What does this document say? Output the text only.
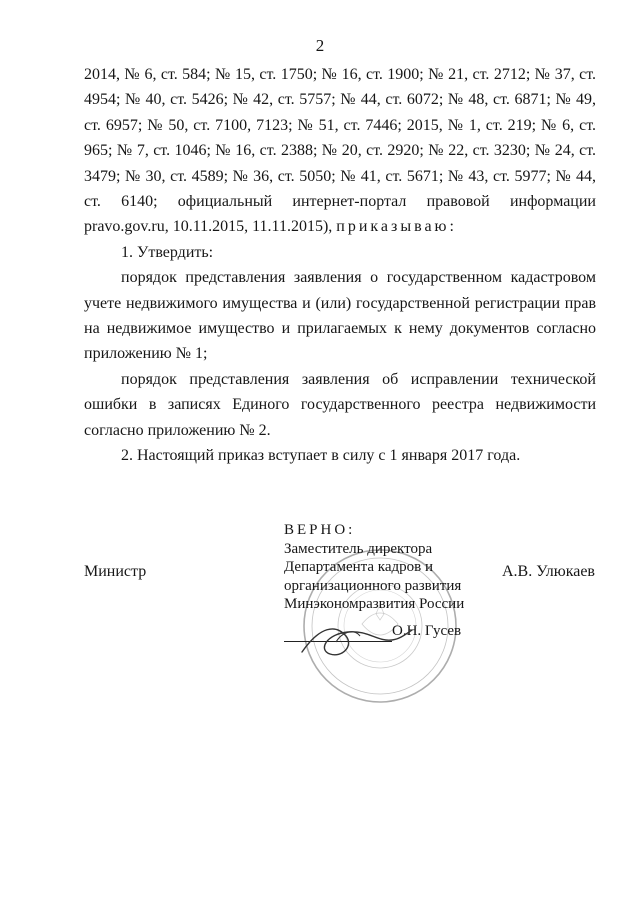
2

2014, № 6, ст. 584; № 15, ст. 1750; № 16, ст. 1900; № 21, ст. 2712; № 37, ст. 4954; № 40, ст. 5426; № 42, ст. 5757; № 44, ст. 6072; № 48, ст. 6871; № 49, ст. 6957; № 50, ст. 7100, 7123; № 51, ст. 7446; 2015, № 1, ст. 219; № 6, ст. 965; № 7, ст. 1046; № 16, ст. 2388; № 20, ст. 2920; № 22, ст. 3230; № 24, ст. 3479; № 30, ст. 4589; № 36, ст. 5050; № 41, ст. 5671; № 43, ст. 5977; № 44, ст. 6140; официальный интернет-портал правовой информации pravo.gov.ru, 10.11.2015, 11.11.2015), приказываю:

1. Утвердить:

порядок представления заявления о государственном кадастровом учете недвижимого имущества и (или) государственной регистрации прав на недвижимое имущество и прилагаемых к нему документов согласно приложению № 1;

порядок представления заявления об исправлении технической ошибки в записях Единого государственного реестра недвижимости согласно приложению № 2.

2. Настоящий приказ вступает в силу с 1 января 2017 года.

ВЕРНО:
Заместитель директора
Департамента кадров и
организационного развития
Минэкономразвития России
Министр	А.В. Улюкаев
О.Н. Гусев
